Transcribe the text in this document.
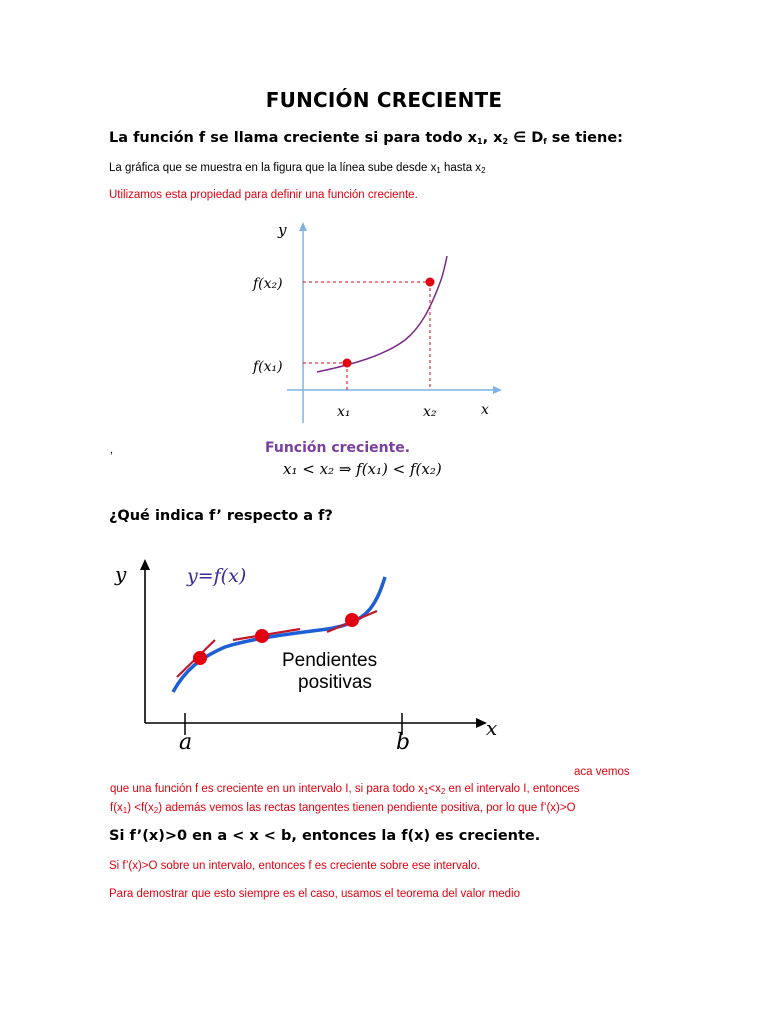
FUNCIÓN CRECIENTE
La función f se llama creciente si para todo $x_1$, $x_2$ ∈ $D_f$ se tiene:
La gráfica que se muestra en la figura que la línea sube desde $x_1$ hasta $x_2$
Utilizamos esta propiedad para definir una función creciente.
y
x
f(x₂)
f(x₁)
x₁	x₂
,	Función creciente.
x₁ < x₂ ⇒ f(x₁) < f(x₂)
¿Qué indica f’ respecto a f?
y
x
y=f(x)
Pendientes
positivas
a	b
aca vemos
que una función f es creciente en un intervalo I, si para todo $x_1<x_2$ en el intervalo I, entonces
$f(x_1) <f(x_2)$ además vemos las rectas tangentes tienen pendiente positiva, por lo que f’(x)>O
Si f’(x)>0 en a < x < b, entonces la f(x) es creciente.
Si f’(x)>O sobre un intervalo, entonces f es creciente sobre ese intervalo.
Para demostrar que esto siempre es el caso, usamos el teorema del valor medio
